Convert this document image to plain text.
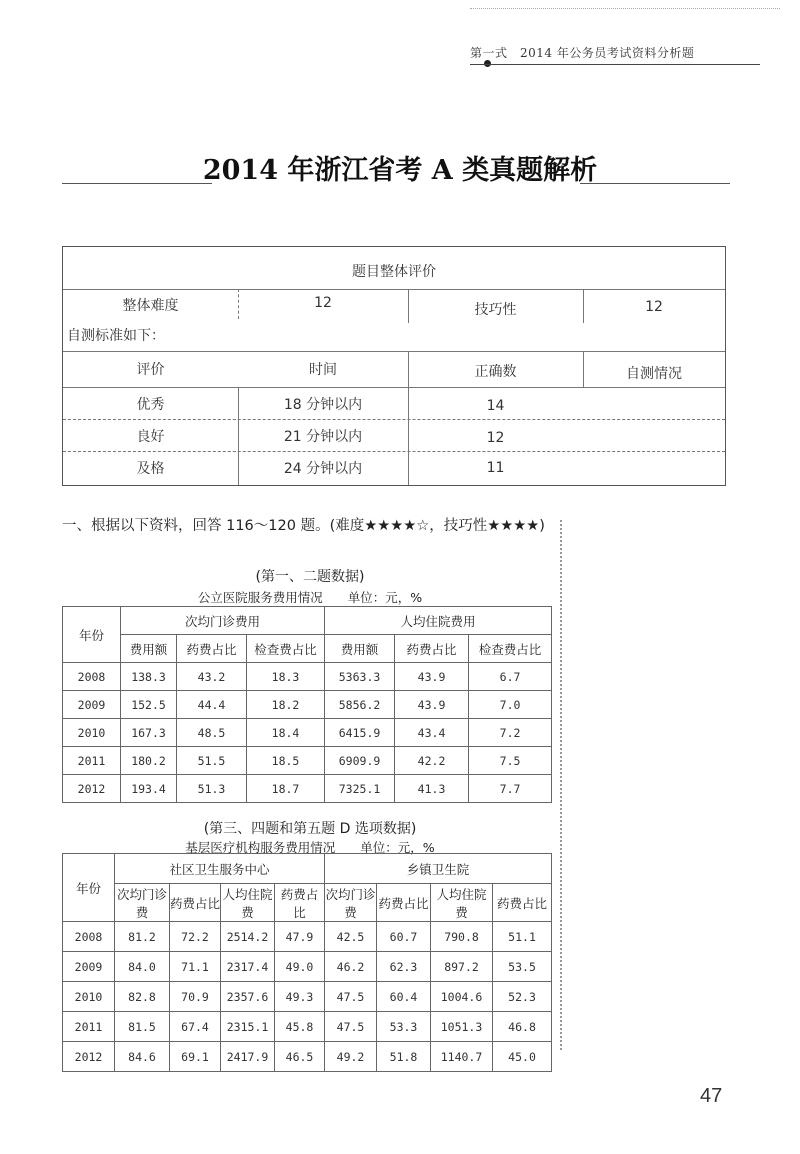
第一式　2014 年公务员考试资料分析题
2014 年浙江省考 A 类真题解析
题目整体评价
整体难度	12	技巧性	12
自测标准如下：
评价	时间	正确数	自测情况
优秀	18 分钟以内	14
良好	21 分钟以内	12
及格	24 分钟以内	11
一、根据以下资料，回答 116～120 题。(难度★★★★☆，技巧性★★★★)
(第一、二题数据)
公立医院服务费用情况　　单位：元，%
年份	次均门诊费用			人均住院费用		
	费用额	药费占比	检查费占比	费用额	药费占比	检查费占比
2008	138.3	43.2	18.3	5363.3	43.9	6.7
2009	152.5	44.4	18.2	5856.2	43.9	7.0
2010	167.3	48.5	18.4	6415.9	43.4	7.2
2011	180.2	51.5	18.5	6909.9	42.2	7.5
2012	193.4	51.3	18.7	7325.1	41.3	7.7
(第三、四题和第五题 D 选项数据)
基层医疗机构服务费用情况　　单位：元，%
年份	社区卫生服务中心				乡镇卫生院			
	次均门诊费	药费占比	人均住院费	药费占比	次均门诊费	药费占比	人均住院费	药费占比
2008	81.2	72.2	2514.2	47.9	42.5	60.7	790.8	51.1
2009	84.0	71.1	2317.4	49.0	46.2	62.3	897.2	53.5
2010	82.8	70.9	2357.6	49.3	47.5	60.4	1004.6	52.3
2011	81.5	67.4	2315.1	45.8	47.5	53.3	1051.3	46.8
2012	84.6	69.1	2417.9	46.5	49.2	51.8	1140.7	45.0
47
